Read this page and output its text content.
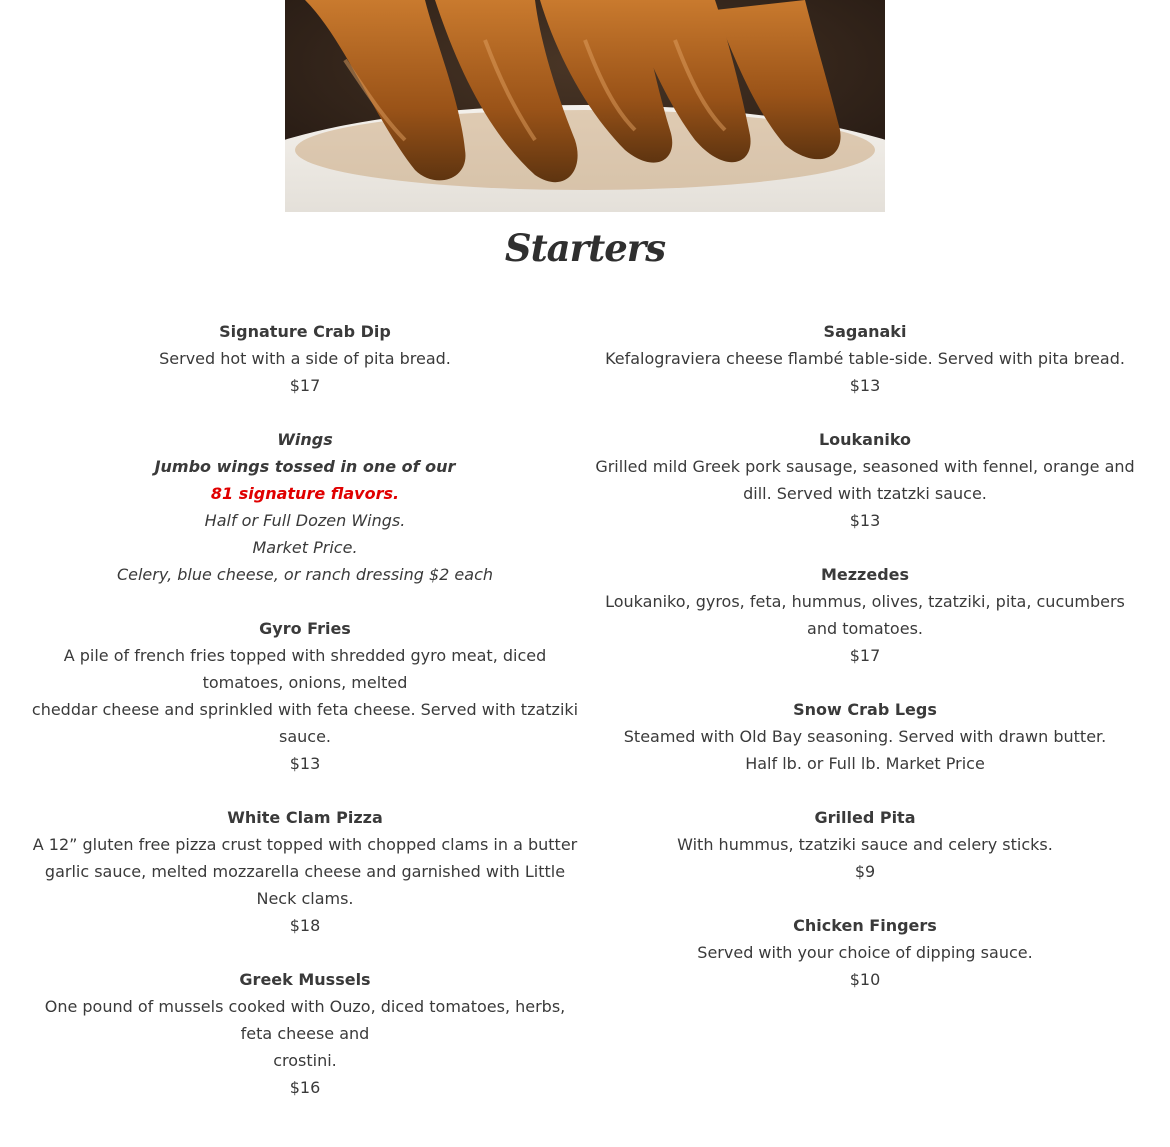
Starters

Signature Crab Dip

Served hot with a side of pita bread.

$17

Wings

Jumbo wings tossed in one of our

81 signature flavors.

Half or Full Dozen Wings.

Market Price.

Celery, blue cheese, or ranch dressing $2 each

Gyro Fries

A pile of french fries topped with shredded gyro meat, diced tomatoes, onions, melted

cheddar cheese and sprinkled with feta cheese. Served with tzatziki sauce.

$13

White Clam Pizza

A 12” gluten free pizza crust topped with chopped clams in a butter garlic sauce, melted mozzarella cheese and garnished with Little Neck clams.

$18

Greek Mussels

One pound of mussels cooked with Ouzo, diced tomatoes, herbs, feta cheese and

crostini.

$16

Saganaki

Kefalograviera cheese flambé table-side. Served with pita bread.

$13

Loukaniko

Grilled mild Greek pork sausage, seasoned with fennel, orange and dill. Served with tzatzki sauce.

$13

Mezzedes

Loukaniko, gyros, feta, hummus, olives, tzatziki, pita, cucumbers and tomatoes.

$17

Snow Crab Legs

Steamed with Old Bay seasoning. Served with drawn butter.

Half lb. or Full lb. Market Price

Grilled Pita

With hummus, tzatziki sauce and celery sticks.

$9

Chicken Fingers

Served with your choice of dipping sauce.

$10
